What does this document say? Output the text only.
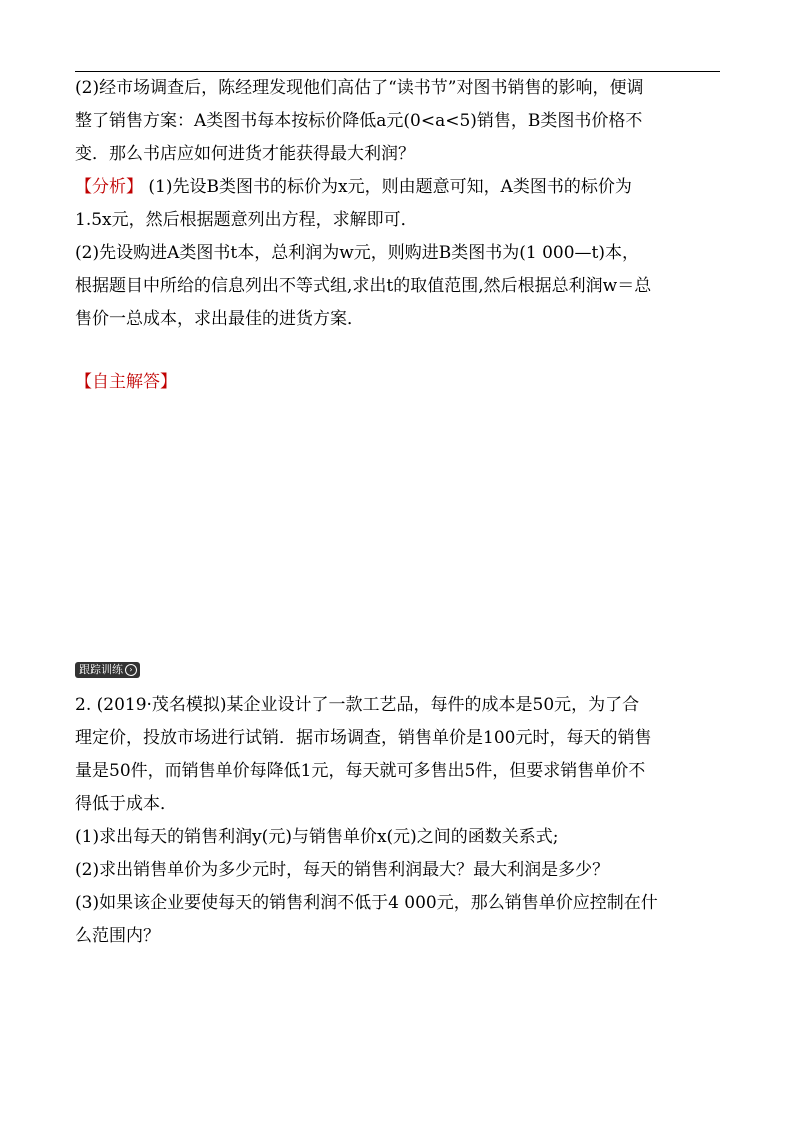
(2)经市场调查后，陈经理发现他们高估了“读书节”对图书销售的影响，便调
整了销售方案：A类图书每本按标价降低a元(0<a<5)销售，B类图书价格不
变．那么书店应如何进货才能获得最大利润？
【分析】 (1)先设B类图书的标价为x元，则由题意可知，A类图书的标价为
1.5x元，然后根据题意列出方程，求解即可．
(2)先设购进A类图书t本，总利润为w元，则购进B类图书为(1 000—t)本，
根据题目中所给的信息列出不等式组,求出t的取值范围,然后根据总利润w＝总
售价一总成本，求出最佳的进货方案．
【自主解答】
跟踪训练 ›
2. (2019·茂名模拟)某企业设计了一款工艺品，每件的成本是50元，为了合
理定价，投放市场进行试销．据市场调查，销售单价是100元时，每天的销售
量是50件，而销售单价每降低1元，每天就可多售出5件，但要求销售单价不
得低于成本．
(1)求出每天的销售利润y(元)与销售单价x(元)之间的函数关系式;
(2)求出销售单价为多少元时，每天的销售利润最大？最大利润是多少？
(3)如果该企业要使每天的销售利润不低于4 000元，那么销售单价应控制在什
么范围内？
